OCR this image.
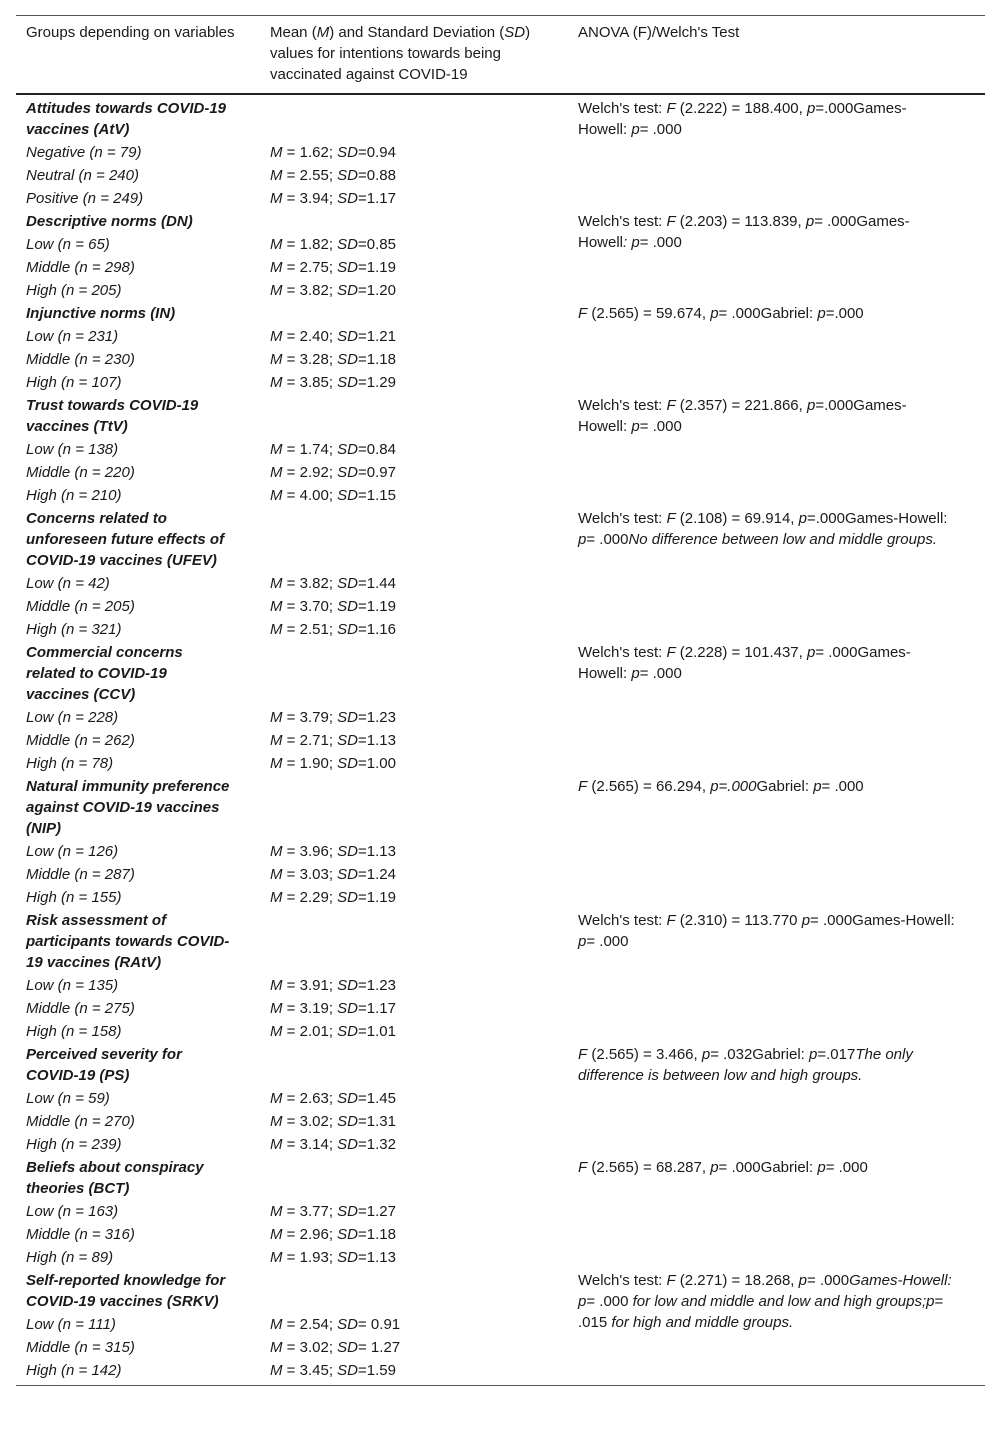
Groups depending on variables	Mean (M) and Standard Deviation (SD) values for intentions towards being vaccinated against COVID-19	ANOVA (F)/Welch's Test

Attitudes towards COVID-19 vaccines (AtV)		Welch's test: F (2.222) = 188.400, p=.000Games-Howell: p= .000
Negative (n = 79)	M = 1.62; SD=0.94	
Neutral (n = 240)	M = 2.55; SD=0.88	
Positive (n = 249)	M = 3.94; SD=1.17	

Descriptive norms (DN)		Welch's test: F (2.203) = 113.839, p= .000Games-Howell: p= .000
Low (n = 65)	M = 1.82; SD=0.85	
Middle (n = 298)	M = 2.75; SD=1.19	
High (n = 205)	M = 3.82; SD=1.20	

Injunctive norms (IN)		F (2.565) = 59.674, p= .000Gabriel: p=.000
Low (n = 231)	M = 2.40; SD=1.21	
Middle (n = 230)	M = 3.28; SD=1.18	
High (n = 107)	M = 3.85; SD=1.29	

Trust towards COVID-19 vaccines (TtV)		Welch's test: F (2.357) = 221.866, p=.000Games-Howell: p= .000
Low (n = 138)	M = 1.74; SD=0.84	
Middle (n = 220)	M = 2.92; SD=0.97	
High (n = 210)	M = 4.00; SD=1.15	

Concerns related to unforeseen future effects of COVID-19 vaccines (UFEV)		Welch's test: F (2.108) = 69.914, p=.000Games-Howell: p= .000No difference between low and middle groups.
Low (n = 42)	M = 3.82; SD=1.44	
Middle (n = 205)	M = 3.70; SD=1.19	
High (n = 321)	M = 2.51; SD=1.16	

Commercial concerns related to COVID-19 vaccines (CCV)		Welch's test: F (2.228) = 101.437, p= .000Games-Howell: p= .000
Low (n = 228)	M = 3.79; SD=1.23	
Middle (n = 262)	M = 2.71; SD=1.13	
High (n = 78)	M = 1.90; SD=1.00	

Natural immunity preference against COVID-19 vaccines (NIP)		F (2.565) = 66.294, p=.000Gabriel: p= .000
Low (n = 126)	M = 3.96; SD=1.13	
Middle (n = 287)	M = 3.03; SD=1.24	
High (n = 155)	M = 2.29; SD=1.19	

Risk assessment of participants towards COVID-19 vaccines (RAtV)		Welch's test: F (2.310) = 113.770 p= .000Games-Howell: p= .000
Low (n = 135)	M = 3.91; SD=1.23	
Middle (n = 275)	M = 3.19; SD=1.17	
High (n = 158)	M = 2.01; SD=1.01	

Perceived severity for COVID-19 (PS)		F (2.565) = 3.466, p= .032Gabriel: p=.017The only difference is between low and high groups.
Low (n = 59)	M = 2.63; SD=1.45	
Middle (n = 270)	M = 3.02; SD=1.31	
High (n = 239)	M = 3.14; SD=1.32	

Beliefs about conspiracy theories (BCT)		F (2.565) = 68.287, p= .000Gabriel: p= .000
Low (n = 163)	M = 3.77; SD=1.27	
Middle (n = 316)	M = 2.96; SD=1.18	
High (n = 89)	M = 1.93; SD=1.13	

Self-reported knowledge for COVID-19 vaccines (SRKV)		Welch's test: F (2.271) = 18.268, p= .000Games-Howell: p= .000 for low and middle and low and high groups;p= .015 for high and middle groups.
Low (n = 111)	M = 2.54; SD= 0.91	
Middle (n = 315)	M = 3.02; SD= 1.27	
High (n = 142)	M = 3.45; SD=1.59	
